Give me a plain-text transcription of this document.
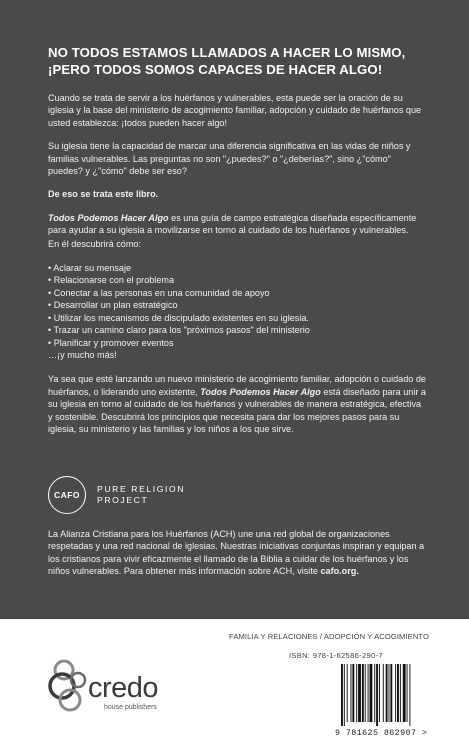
NO TODOS ESTAMOS LLAMADOS A HACER LO MISMO,
¡PERO TODOS SOMOS CAPACES DE HACER ALGO!

Cuando se trata de servir a los huérfanos y vulnerables, esta puede ser la oración de su iglesia y la base del ministerio de acogimiento familiar, adopción y cuidado de huérfanos que usted establezca: ¡todos pueden hacer algo!

Su iglesia tiene la capacidad de marcar una diferencia significativa en las vidas de niños y familias vulnerables. Las preguntas no son "¿puedes?" o "¿deberías?", sino ¿"cómo" puedes? y ¿"cómo" debe ser eso?

De eso se trata este libro.

Todos Podemos Hacer Algo es una guía de campo estratégica diseñada específicamente para ayudar a su iglesia a movilizarse en torno al cuidado de los huérfanos y vulnerables.

En él descubrirá cómo:

• Aclarar su mensaje
• Relacionarse con el problema
• Conectar a las personas en una comunidad de apoyo
• Desarrollar un plan estratégico
• Utilizar los mecanismos de discipulado existentes en su iglesia.
• Trazar un camino claro para los "próximos pasos" del ministerio
• Planificar y promover eventos
…¡y mucho más!

Ya sea que esté lanzando un nuevo ministerio de acogimiento familiar, adopción o cuidado de huérfanos, o liderando uno existente, Todos Podemos Hacer Algo está diseñado para unir a su iglesia en torno al cuidado de los huérfanos y vulnerables de manera estratégica, efectiva y sostenible. Descubrirá los principios que necesita para dar los mejores pasos para su iglesia, su ministerio y las familias y los niños a los que sirve.

CAFO
PURE RELIGION
PROJECT

La Alianza Cristiana para los Huérfanos (ACH) une una red global de organizaciones respetadas y una red nacional de iglesias. Nuestras iniciativas conjuntas inspiran y equipan a los cristianos para vivir eficazmente el llamado de la Biblia a cuidar de los huérfanos y los niños vulnerables. Para obtener más información sobre ACH, visite cafo.org.

FAMILIA Y RELACIONES / ADOPCIÓN Y ACOGIMIENTO
ISBN: 978-1-62586-290-7
credo
house publishers
9 781625 862907 >
